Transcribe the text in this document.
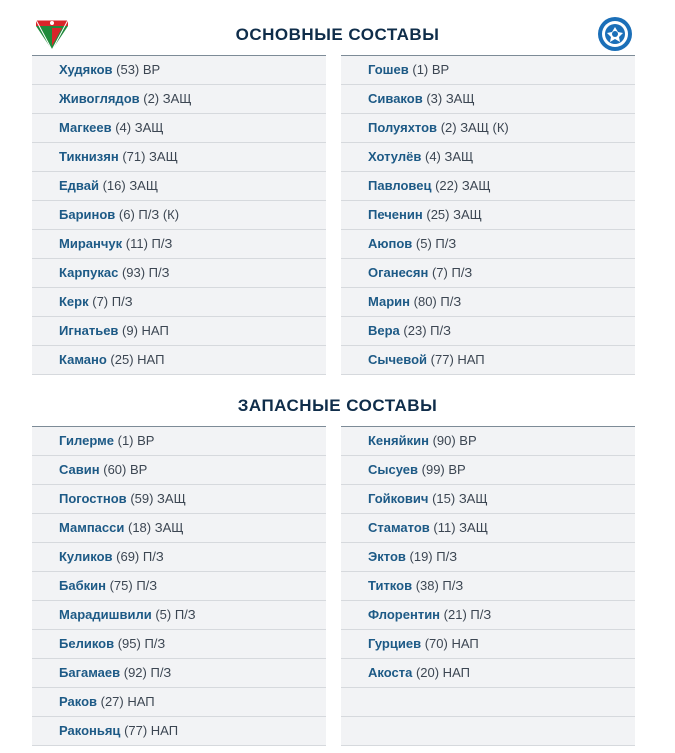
ОСНОВНЫЕ СОСТАВЫ
Худяков (53) ВР
Живоглядов (2) ЗАЩ
Магкеев (4) ЗАЩ
Тикнизян (71) ЗАЩ
Едвай (16) ЗАЩ
Баринов (6) П/З (К)
Миранчук (11) П/З
Карпукас (93) П/З
Керк (7) П/З
Игнатьев (9) НАП
Камано (25) НАП
Гошев (1) ВР
Сиваков (3) ЗАЩ
Полуяхтов (2) ЗАЩ (К)
Хотулёв (4) ЗАЩ
Павловец (22) ЗАЩ
Печенин (25) ЗАЩ
Аюпов (5) П/З
Оганесян (7) П/З
Марин (80) П/З
Вера (23) П/З
Сычевой (77) НАП
ЗАПАСНЫЕ СОСТАВЫ
Гилерме (1) ВР
Савин (60) ВР
Погостнов (59) ЗАЩ
Мампасси (18) ЗАЩ
Куликов (69) П/З
Бабкин (75) П/З
Марадишвили (5) П/З
Беликов (95) П/З
Багамаев (92) П/З
Раков (27) НАП
Раконьяц (77) НАП
Кеняйкин (90) ВР
Сысуев (99) ВР
Гойкович (15) ЗАЩ
Стаматов (11) ЗАЩ
Эктов (19) П/З
Титков (38) П/З
Флорентин (21) П/З
Гурциев (70) НАП
Акоста (20) НАП
